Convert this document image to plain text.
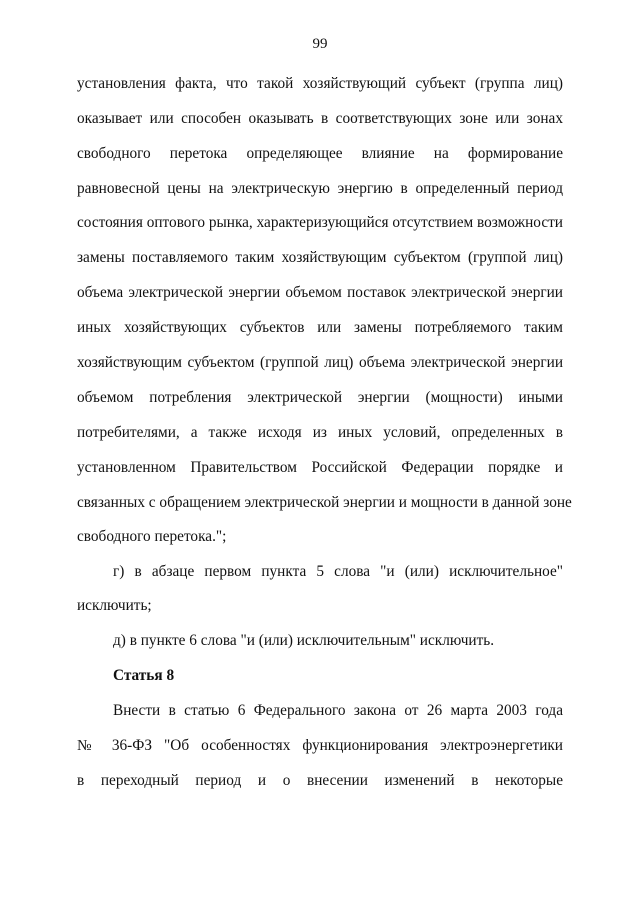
99
установления факта, что такой хозяйствующий субъект (группа лиц)
оказывает или способен оказывать в соответствующих зоне или зонах
свободного перетока определяющее влияние на формирование
равновесной цены на электрическую энергию в определенный период
состояния оптового рынка, характеризующийся отсутствием возможности
замены поставляемого таким хозяйствующим субъектом (группой лиц)
объема электрической энергии объемом поставок электрической энергии
иных хозяйствующих субъектов или замены потребляемого таким
хозяйствующим субъектом (группой лиц) объема электрической энергии
объемом потребления электрической энергии (мощности) иными
потребителями, а также исходя из иных условий, определенных в
установленном Правительством Российской Федерации порядке и
связанных с обращением электрической энергии и мощности в данной зоне
свободного перетока.";
г) в абзаце первом пункта 5 слова "и (или) исключительное"
исключить;
д) в пункте 6 слова "и (или) исключительным" исключить.
Статья 8
Внести в статью 6 Федерального закона от 26 марта 2003 года
№ 36-ФЗ "Об особенностях функционирования электроэнергетики
в переходный период и о внесении изменений в некоторые
